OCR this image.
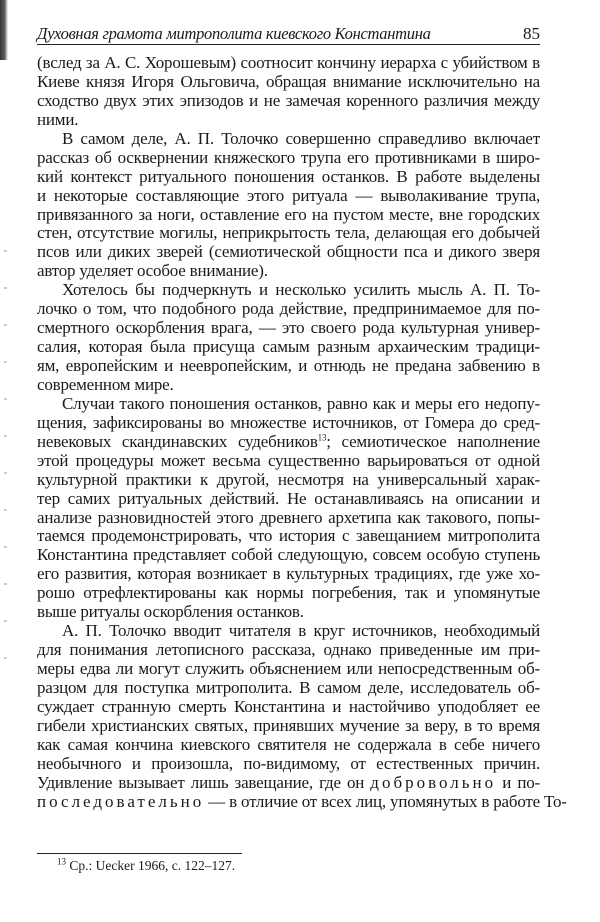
Духовная грамота митрополита киевского Константина	85
(вслед за А. С. Хорошевым) соотносит кончину иерарха с убийством в
Киеве князя Игоря Ольговича, обращая внимание исключительно на
сходство двух этих эпизодов и не замечая коренного различия между
ними.
В самом деле, А. П. Толочко совершенно справедливо включает
рассказ об осквернении княжеского трупа его противниками в широ-
кий контекст ритуального поношения останков. В работе выделены
и некоторые составляющие этого ритуала — выволакивание трупа,
привязанного за ноги, оставление его на пустом месте, вне городских
стен, отсутствие могилы, неприкрытость тела, делающая его добычей
псов или диких зверей (семиотической общности пса и дикого зверя
автор уделяет особое внимание).
Хотелось бы подчеркнуть и несколько усилить мысль А. П. То-
лочко о том, что подобного рода действие, предпринимаемое для по-
смертного оскорбления врага, — это своего рода культурная универ-
салия, которая была присуща самым разным архаическим традици-
ям, европейским и неевропейским, и отнюдь не предана забвению в
современном мире.
Случаи такого поношения останков, равно как и меры его недопу-
щения, зафиксированы во множестве источников, от Гомера до сред-
невековых скандинавских судебников$^{13}$; семиотическое наполнение
этой процедуры может весьма существенно варьироваться от одной
культурной практики к другой, несмотря на универсальный харак-
тер самих ритуальных действий. Не останавливаясь на описании и
анализе разновидностей этого древнего архетипа как такового, попы-
таемся продемонстрировать, что история с завещанием митрополита
Константина представляет собой следующую, совсем особую ступень
его развития, которая возникает в культурных традициях, где уже хо-
рошо отрефлектированы как нормы погребения, так и упомянутые
выше ритуалы оскорбления останков.
А. П. Толочко вводит читателя в круг источников, необходимый
для понимания летописного рассказа, однако приведенные им при-
меры едва ли могут служить объяснением или непосредственным об-
разцом для поступка митрополита. В самом деле, исследователь об-
суждает странную смерть Константина и настойчиво уподобляет ее
гибели христианских святых, принявших мучение за веру, в то время
как самая кончина киевского святителя не содержала в себе ничего
необычного и произошла, по-видимому, от естественных причин.
Удивление вызывает лишь завещание, где он добровольно и по-
последовательно — в отличие от всех лиц, упомянутых в работе То-
$^{13}$ Ср.: Uecker 1966, с. 122–127.
